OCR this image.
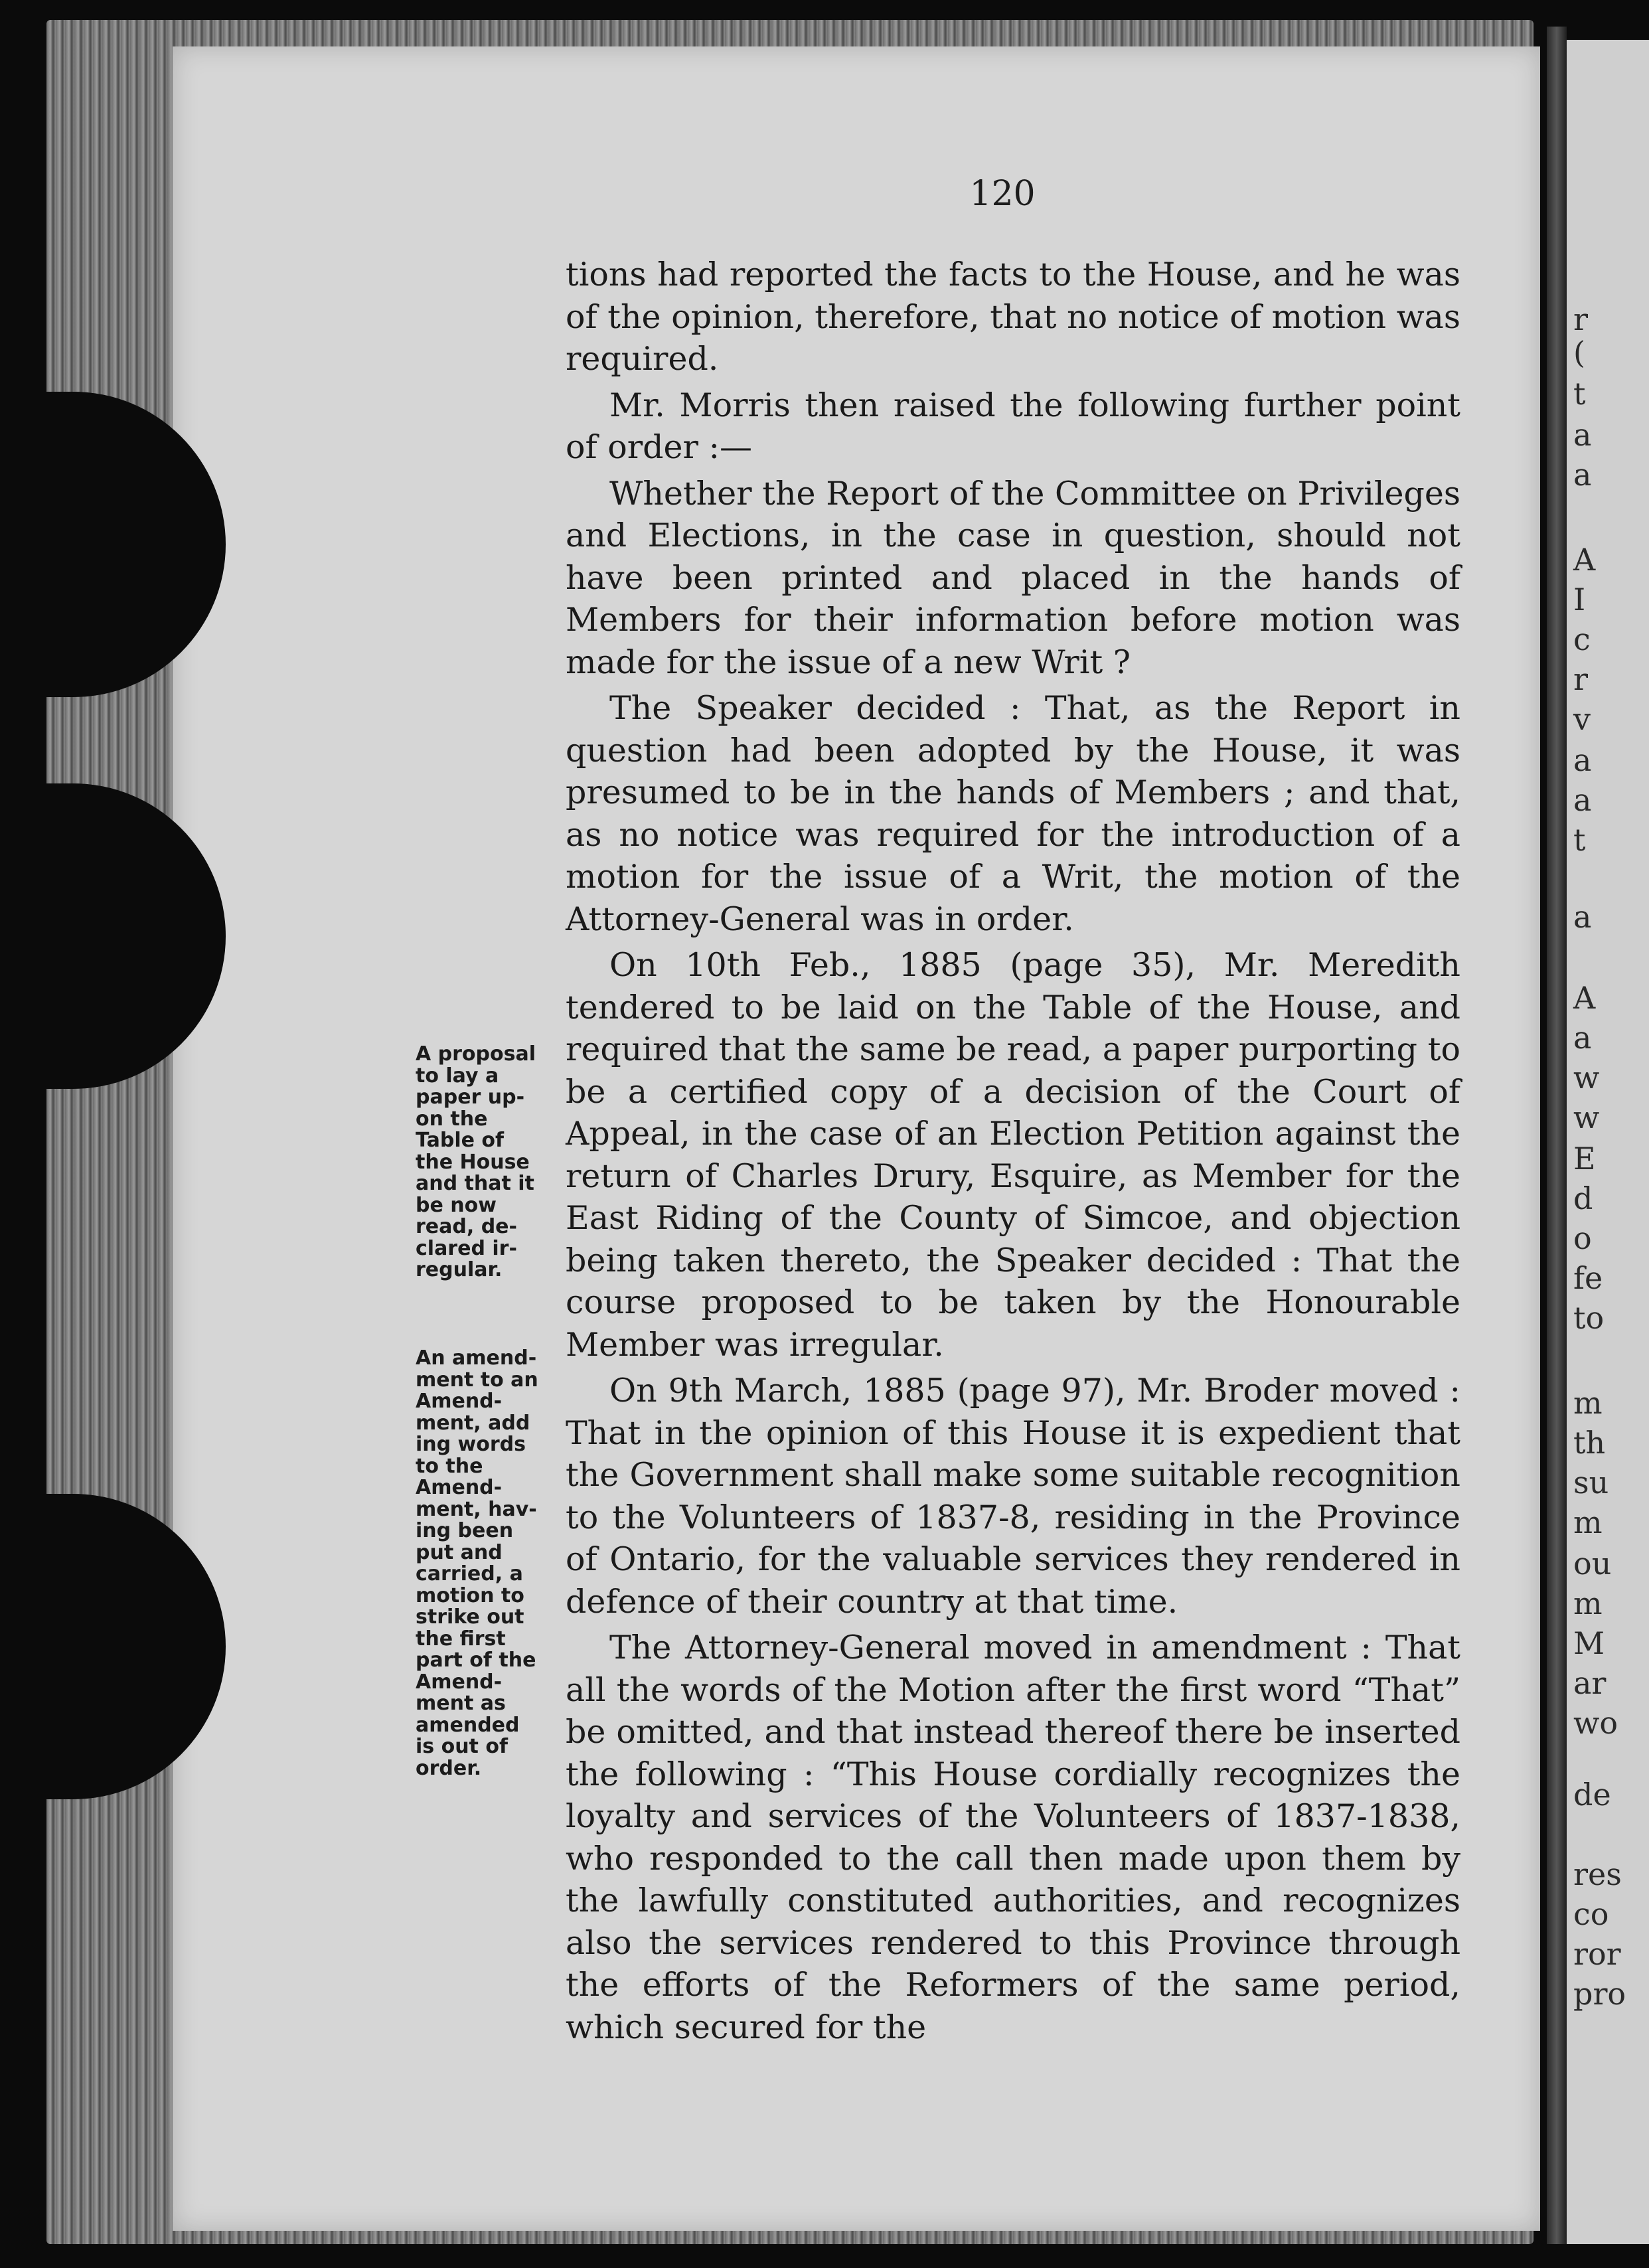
r
(
t
a
a
A
I
c
r
v
a
a
t
a
A
a
w
w
E
d
o
fe
to
m
th
su
m
ou
m
M
ar
wo
de
res
co
ror
pro
120

tions had reported the facts to the House, and he was of the opinion, therefore, that no notice of motion was required.

Mr. Morris then raised the following further point of order :—

Whether the Report of the Committee on Privileges and Elections, in the case in question, should not have been printed and placed in the hands of Members for their information before motion was made for the issue of a new Writ ?

The Speaker decided : That, as the Report in question had been adopted by the House, it was presumed to be in the hands of Members ; and that, as no notice was required for the introduction of a motion for the issue of a Writ, the motion of the Attorney-General was in order.

On 10th Feb., 1885 (page 35), Mr. Meredith tendered to be laid on the Table of the House, and required that the same be read, a paper purporting to be a certified copy of a decision of the Court of Appeal, in the case of an Election Petition against the return of Charles Drury, Esquire, as Member for the East Riding of the County of Simcoe, and objection being taken thereto, the Speaker decided : That the course proposed to be taken by the Honourable Member was irregular.

On 9th March, 1885 (page 97), Mr. Broder moved : That in the opinion of this House it is expedient that the Government shall make some suitable recognition to the Volunteers of 1837-8, residing in the Province of Ontario, for the valuable services they rendered in defence of their country at that time.

The Attorney-General moved in amendment : That all the words of the Motion after the first word “That” be omitted, and that instead thereof there be inserted the following : “This House cordially recognizes the loyalty and services of the Volunteers of 1837-1838, who responded to the call then made upon them by the lawfully constituted authorities, and recognizes also the services rendered to this Province through the efforts of the Reformers of the same period, which secured for the

A proposal
to lay a
paper up-
on the
Table of
the House
and that it
be now
read, de-
clared ir-
regular.
An amend-
ment to an
Amend-
ment, add
ing words
to the
Amend-
ment, hav-
ing been
put and
carried, a
motion to
strike out
the first
part of the
Amend-
ment as
amended
is out of
order.
